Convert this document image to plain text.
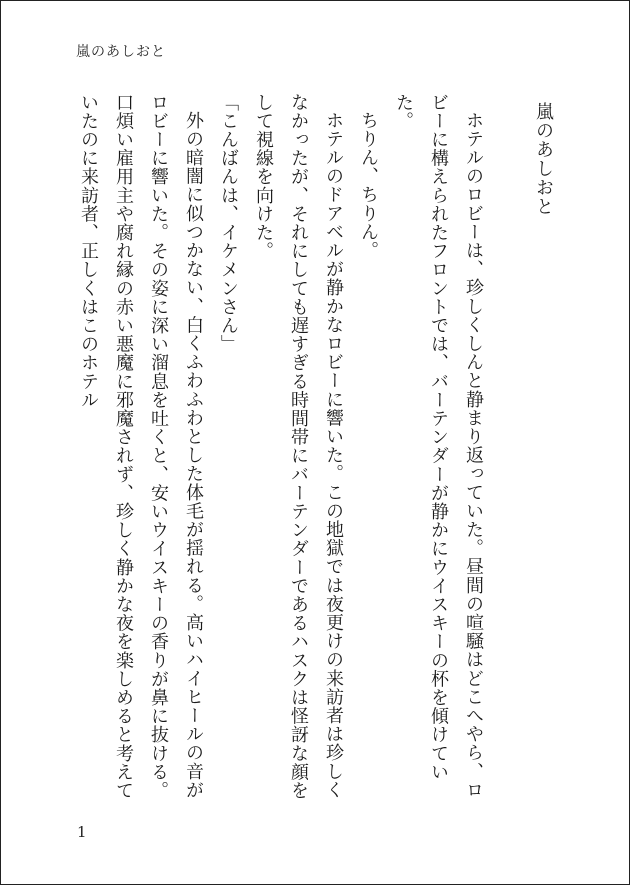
嵐のあしおと
嵐のあしおと

ホテルのロビーは、珍しくしんと静まり返っていた。昼間の喧騒はどこへやら、ロビーに構えられたフロントでは、バーテンダーが静かにウイスキーの杯を傾けていた。

ちりん、ちりん。

ホテルのドアベルが静かなロビーに響いた。この地獄では夜更けの来訪者は珍しくなかったが、それにしても遅すぎる時間帯にバーテンダーであるハスクは怪訝な顔をして視線を向けた。

「こんばんは、イケメンさん」

外の暗闇に似つかない、白くふわふわとした体毛が揺れる。高いハイヒールの音がロビーに響いた。その姿に深い溜息を吐くと、安いウイスキーの香りが鼻に抜ける。口煩い雇用主や腐れ縁の赤い悪魔に邪魔されず、珍しく静かな夜を楽しめると考えていたのに来訪者、正しくはこのホテル

1
